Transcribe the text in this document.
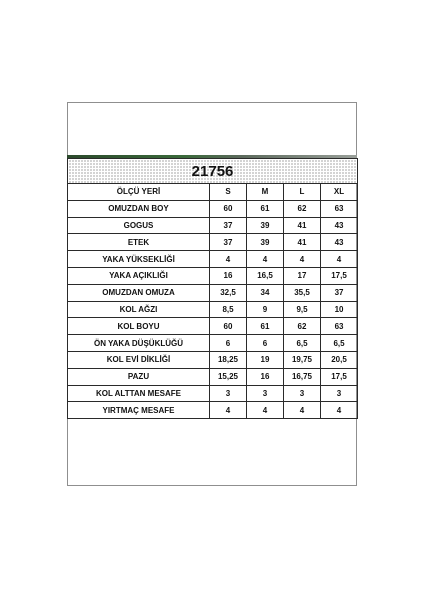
21756				
ÖLÇÜ YERİ	S	M	L	XL
OMUZDAN BOY	60	61	62	63
GOGUS	37	39	41	43
ETEK	37	39	41	43
YAKA YÜKSEKLİĞİ	4	4	4	4
YAKA AÇIKLIĞI	16	16,5	17	17,5
OMUZDAN OMUZA	32,5	34	35,5	37
KOL AĞZI	8,5	9	9,5	10
KOL BOYU	60	61	62	63
ÖN YAKA DÜŞÜKLÜĞÜ	6	6	6,5	6,5
KOL EVİ DİKLİĞİ	18,25	19	19,75	20,5
PAZU	15,25	16	16,75	17,5
KOL ALTTAN MESAFE	3	3	3	3
YIRTMAÇ MESAFE	4	4	4	4
